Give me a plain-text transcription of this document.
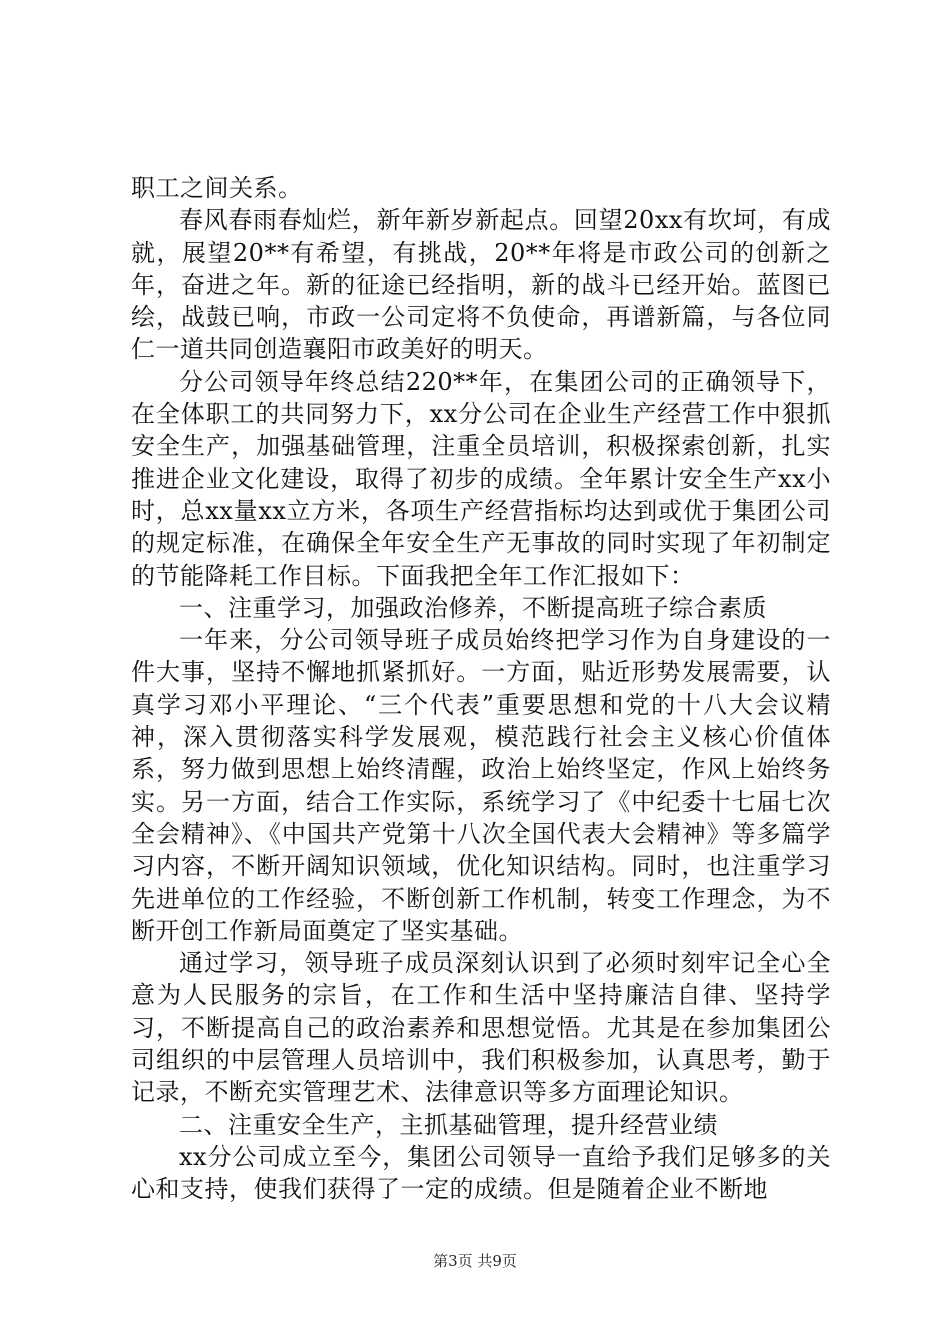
职工之间关系。

春风春雨春灿烂，新年新岁新起点。回望20xx有坎坷，有成就，展望20**有希望，有挑战，20**年将是市政公司的创新之年，奋进之年。新的征途已经指明，新的战斗已经开始。蓝图已绘，战鼓已响，市政一公司定将不负使命，再谱新篇，与各位同仁一道共同创造襄阳市政美好的明天。

分公司领导年终总结220**年，在集团公司的正确领导下，在全体职工的共同努力下，xx分公司在企业生产经营工作中狠抓安全生产，加强基础管理，注重全员培训，积极探索创新，扎实推进企业文化建设，取得了初步的成绩。全年累计安全生产xx小时，总xx量xx立方米，各项生产经营指标均达到或优于集团公司的规定标准，在确保全年安全生产无事故的同时实现了年初制定的节能降耗工作目标。下面我把全年工作汇报如下：

一、注重学习，加强政治修养，不断提高班子综合素质

一年来，分公司领导班子成员始终把学习作为自身建设的一件大事，坚持不懈地抓紧抓好。一方面，贴近形势发展需要，认真学习邓小平理论、“三个代表”重要思想和党的十八大会议精神，深入贯彻落实科学发展观，模范践行社会主义核心价值体系，努力做到思想上始终清醒，政治上始终坚定，作风上始终务实。另一方面，结合工作实际，系统学习了《中纪委十七届七次全会精神》、《中国共产党第十八次全国代表大会精神》等多篇学习内容，不断开阔知识领域，优化知识结构。同时，也注重学习先进单位的工作经验，不断创新工作机制，转变工作理念，为不断开创工作新局面奠定了坚实基础。

通过学习，领导班子成员深刻认识到了必须时刻牢记全心全意为人民服务的宗旨，在工作和生活中坚持廉洁自律、坚持学习，不断提高自己的政治素养和思想觉悟。尤其是在参加集团公司组织的中层管理人员培训中，我们积极参加，认真思考，勤于记录，不断充实管理艺术、法律意识等多方面理论知识。

二、注重安全生产，主抓基础管理，提升经营业绩

xx分公司成立至今，集团公司领导一直给予我们足够多的关心和支持，使我们获得了一定的成绩。但是随着企业不断地

第3页 共9页
